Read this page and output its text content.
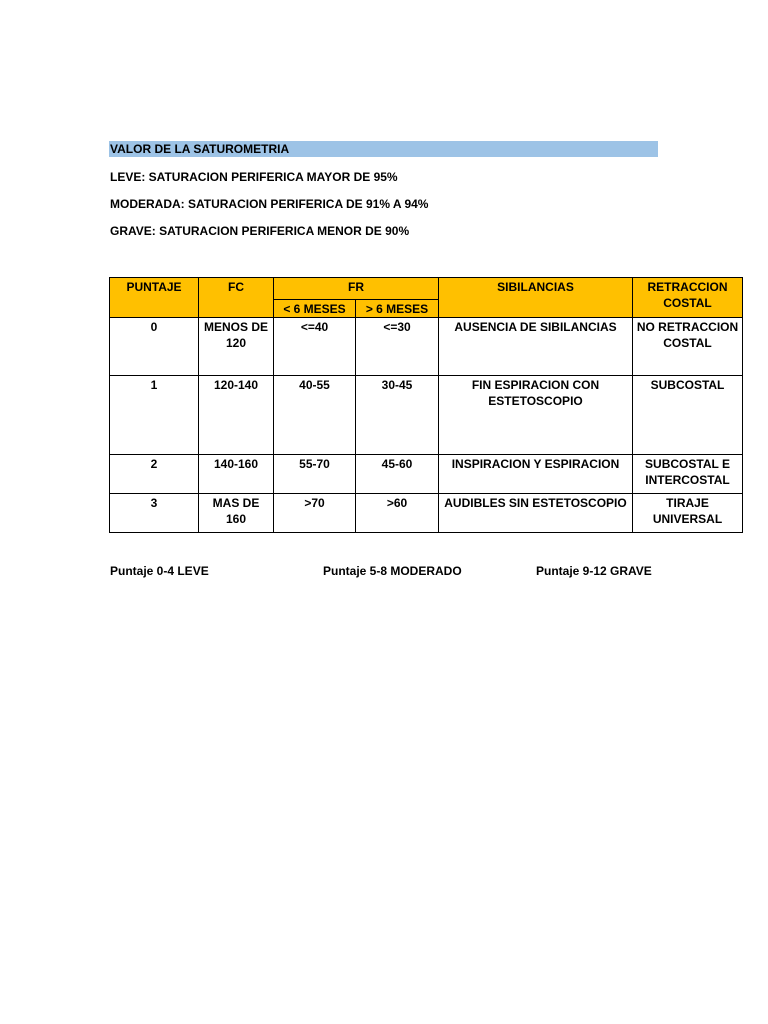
VALOR DE LA SATUROMETRIA
LEVE: SATURACION PERIFERICA MAYOR DE 95%
MODERADA: SATURACION PERIFERICA DE 91% A 94%
GRAVE: SATURACION PERIFERICA MENOR DE 90%
PUNTAJE	FC	FR		SIBILANCIAS	RETRACCION COSTAL
		< 6 MESES	> 6 MESES		
0	MENOS DE 120	<=40	<=30	AUSENCIA DE SIBILANCIAS	NO RETRACCION COSTAL
1	120-140	40-55	30-45	FIN ESPIRACION CON ESTETOSCOPIO	SUBCOSTAL
2	140-160	55-70	45-60	INSPIRACION Y ESPIRACION	SUBCOSTAL E INTERCOSTAL
3	MAS DE 160	>70	>60	AUDIBLES SIN ESTETOSCOPIO	TIRAJE UNIVERSAL
Puntaje 0-4 LEVE	Puntaje 5-8 MODERADO	Puntaje 9-12 GRAVE
